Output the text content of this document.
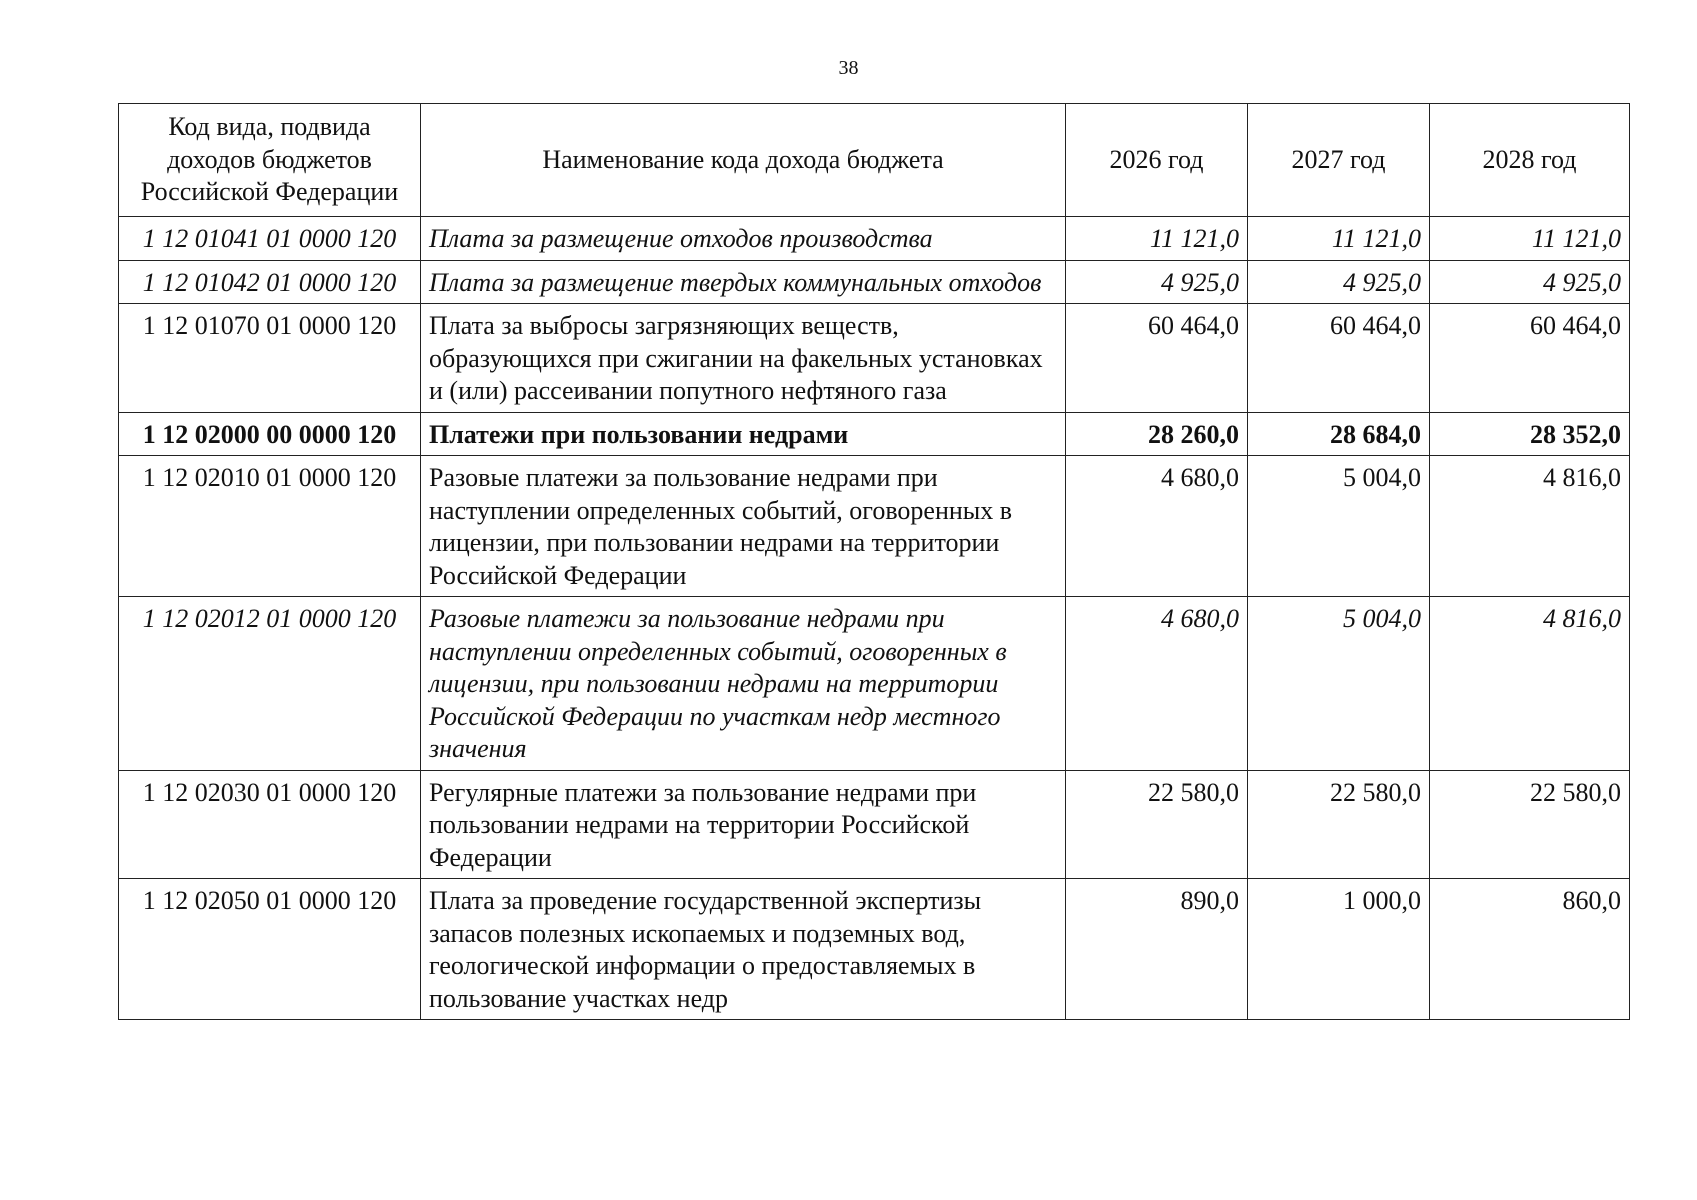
38
Код вида, подвида доходов бюджетов Российской Федерации	Наименование кода дохода бюджета	2026 год	2027 год	2028 год
1 12 01041 01 0000 120	Плата за размещение отходов производства	11 121,0	11 121,0	11 121,0
1 12 01042 01 0000 120	Плата за размещение твердых коммунальных отходов	4 925,0	4 925,0	4 925,0
1 12 01070 01 0000 120	Плата за выбросы загрязняющих веществ, образующихся при сжигании на факельных установках и (или) рассеивании попутного нефтяного газа	60 464,0	60 464,0	60 464,0
1 12 02000 00 0000 120	Платежи при пользовании недрами	28 260,0	28 684,0	28 352,0
1 12 02010 01 0000 120	Разовые платежи за пользование недрами при наступлении определенных событий, оговоренных в лицензии, при пользовании недрами на территории Российской Федерации	4 680,0	5 004,0	4 816,0
1 12 02012 01 0000 120	Разовые платежи за пользование недрами при наступлении определенных событий, оговоренных в лицензии, при пользовании недрами на территории Российской Федерации по участкам недр местного значения	4 680,0	5 004,0	4 816,0
1 12 02030 01 0000 120	Регулярные платежи за пользование недрами при пользовании недрами на территории Российской Федерации	22 580,0	22 580,0	22 580,0
1 12 02050 01 0000 120	Плата за проведение государственной экспертизы запасов полезных ископаемых и подземных вод, геологической информации о предоставляемых в пользование участках недр	890,0	1 000,0	860,0
